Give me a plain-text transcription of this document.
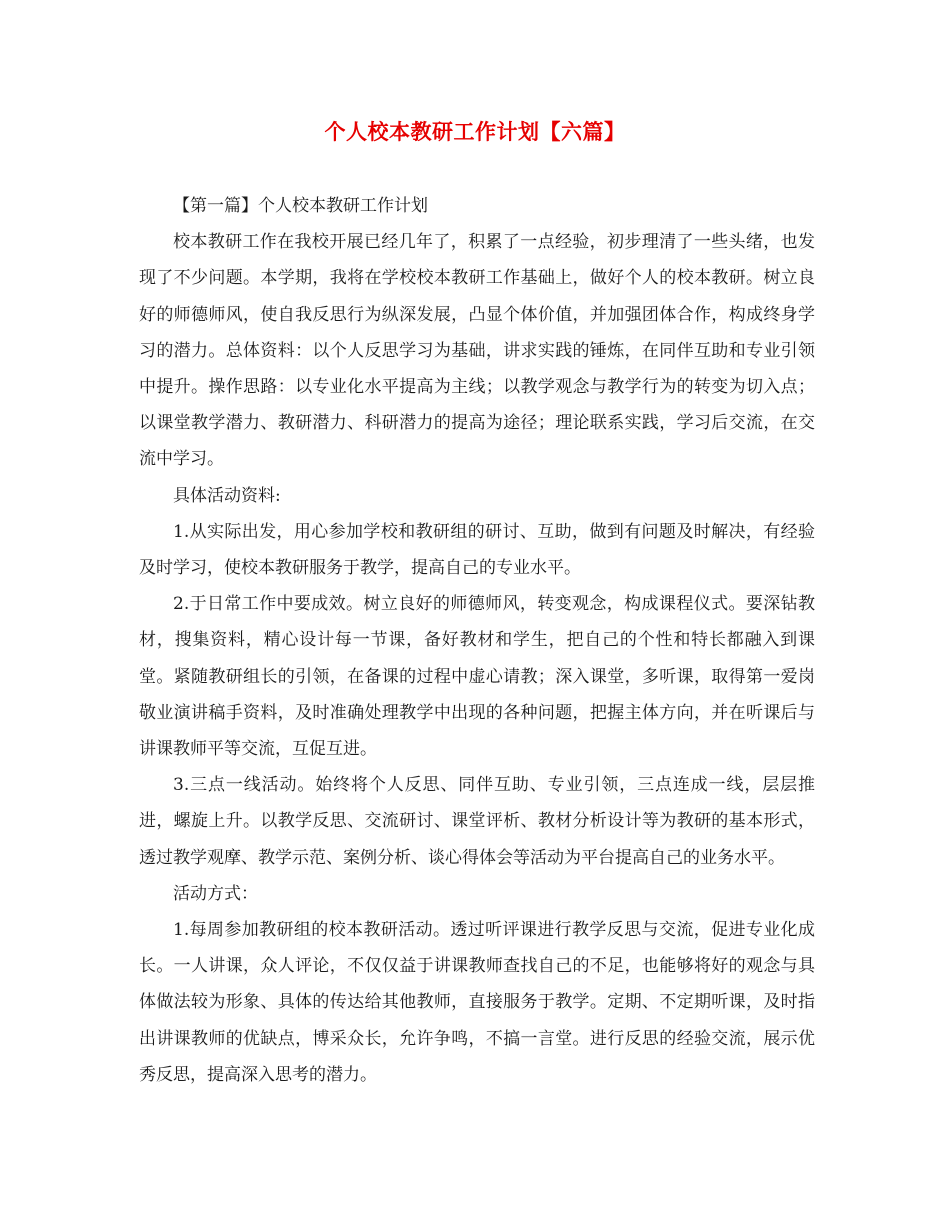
个人校本教研工作计划【六篇】

【第一篇】个人校本教研工作计划

校本教研工作在我校开展已经几年了，积累了一点经验，初步理清了一些头绪，也发现了不少问题。本学期，我将在学校校本教研工作基础上，做好个人的校本教研。树立良好的师德师风，使自我反思行为纵深发展，凸显个体价值，并加强团体合作，构成终身学习的潜力。总体资料：以个人反思学习为基础，讲求实践的锤炼，在同伴互助和专业引领中提升。操作思路：以专业化水平提高为主线；以教学观念与教学行为的转变为切入点；以课堂教学潜力、教研潜力、科研潜力的提高为途径；理论联系实践，学习后交流，在交流中学习。

具体活动资料:

1.从实际出发，用心参加学校和教研组的研讨、互助，做到有问题及时解决，有经验及时学习，使校本教研服务于教学，提高自己的专业水平。

2.于日常工作中要成效。树立良好的师德师风，转变观念，构成课程仪式。要深钻教材，搜集资料，精心设计每一节课，备好教材和学生，把自己的个性和特长都融入到课堂。紧随教研组长的引领，在备课的过程中虚心请教；深入课堂，多听课，取得第一爱岗敬业演讲稿手资料，及时准确处理教学中出现的各种问题，把握主体方向，并在听课后与讲课教师平等交流，互促互进。

3.三点一线活动。始终将个人反思、同伴互助、专业引领，三点连成一线，层层推进，螺旋上升。以教学反思、交流研讨、课堂评析、教材分析设计等为教研的基本形式，透过教学观摩、教学示范、案例分析、谈心得体会等活动为平台提高自己的业务水平。

活动方式：

1.每周参加教研组的校本教研活动。透过听评课进行教学反思与交流，促进专业化成长。一人讲课，众人评论，不仅仅益于讲课教师查找自己的不足，也能够将好的观念与具体做法较为形象、具体的传达给其他教师，直接服务于教学。定期、不定期听课，及时指出讲课教师的优缺点，博采众长，允许争鸣，不搞一言堂。进行反思的经验交流，展示优秀反思，提高深入思考的潜力。
